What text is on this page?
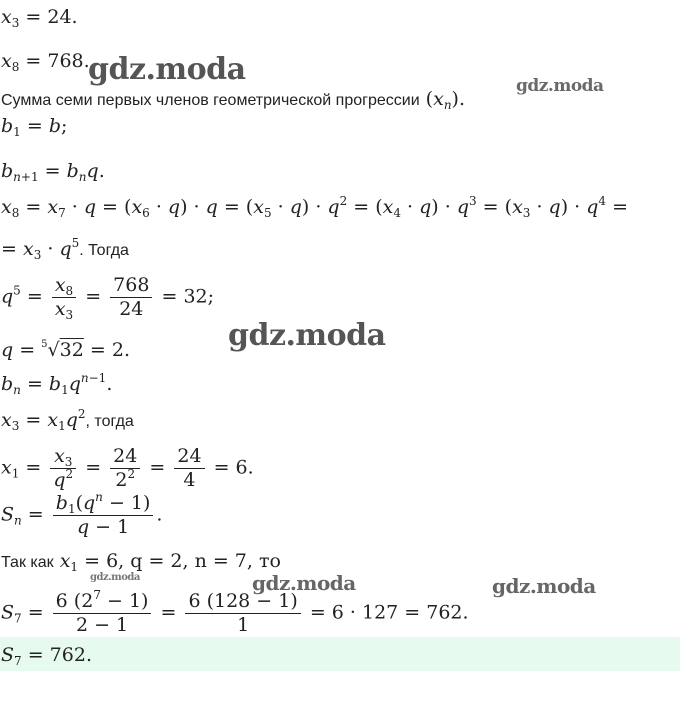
$x_3 = 24$.
$x_8 = 768$.
Сумма семи первых членов геометрической прогрессии $(x_n)$.
$b_1 = b$;
$b_{n+1} = b_nq$.
$x_8 = x_7 \cdot q = (x_6 \cdot q) \cdot q = (x_5 \cdot q) \cdot q^2 = (x_4 \cdot q) \cdot q^3 = (x_3 \cdot q) \cdot q^4$ =
= $x_3 \cdot q^5$. Тогда
$q^5 = \frac{x_8}{x_3} = \frac{768}{24} = 32$;
q = $^5$√32 = 2.
$b_n = b_1q^{n-1}$.
$x_3 = x_1q^2$, тогда
$x_1 = \frac{x_3}{q^2} = \frac{24}{2^2} = \frac{24}{4} = 6$.
$S_n = \frac{b_1(q^n - 1)}{q - 1}$ .
Так как $x_1 = 6$, q = 2, n = 7, то
$S_7 = \frac{6 (2^7 - 1)}{2 - 1} = \frac{6 (128 - 1)}{1} = 6 \cdot 127 = 762$.
$S_7 = 762$.
gdz.moda	gdz.moda
gdz.moda
gdz.moda	gdz.moda	gdz.moda
